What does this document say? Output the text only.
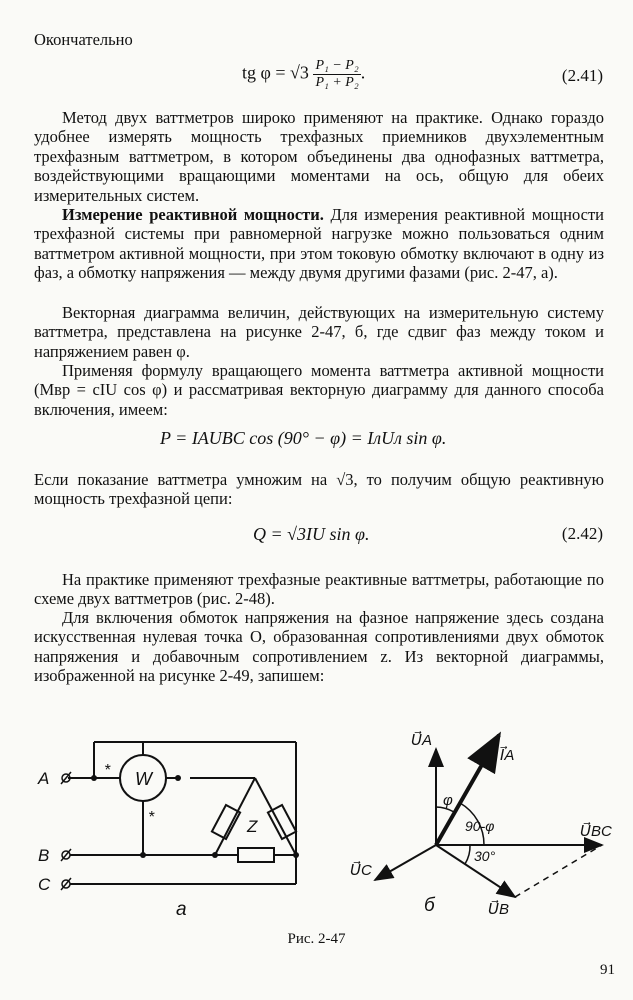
Окончательно
tg $\varphi = √3 \frac{\text{P₁ − P₂}}{\text{P₁ + P₂}}$ .	(2.41)
Метод двух ваттметров широко применяют на практике. Однако гораздо удобнее измерять мощность трехфазных приемников двухэлементным трехфазным ваттметром, в котором объединены два однофазных ваттметра, воздействующими вращающими моментами на ось, общую для обеих измерительных систем.
Измерение реактивной мощности. Для измерения реактивной мощности трехфазной системы при равномерной нагрузке можно пользоваться одним ваттметром активной мощности, при этом токовую обмотку включают в одну из фаз, а обмотку напряжения — между двумя другими фазами (рис. 2-47, а).
Векторная диаграмма величин, действующих на измерительную систему ваттметра, представлена на рисунке 2-47, б, где сдвиг фаз между током и напряжением равен φ.
Применяя формулу вращающего момента ваттметра активной мощности (Mвр = cIU cos φ) и рассматривая векторную диаграмму для данного способа включения, имеем:
P = IAUBC cos (90° − φ) = IлUл sin φ.
Если показание ваттметра умножим на √3, то получим общую реактивную мощность трехфазной цепи:
Q = √3IU sin φ.	(2.42)
На практике применяют трехфазные реактивные ваттметры, работающие по схеме двух ваттметров (рис. 2-48).
Для включения обмоток напряжения на фазное напряжение здесь создана искусственная нулевая точка О, образованная сопротивлениями двух обмоток напряжения и добавочным сопротивлением z. Из векторной диаграммы, изображенной на рисунке 2-49, запишем:
A
B
C
W
*
*	Z
а
U⃗A
I⃗A
U⃗BC
U⃗C
U⃗B
φ
90-φ
30°
б
Рис. 2-47
91
